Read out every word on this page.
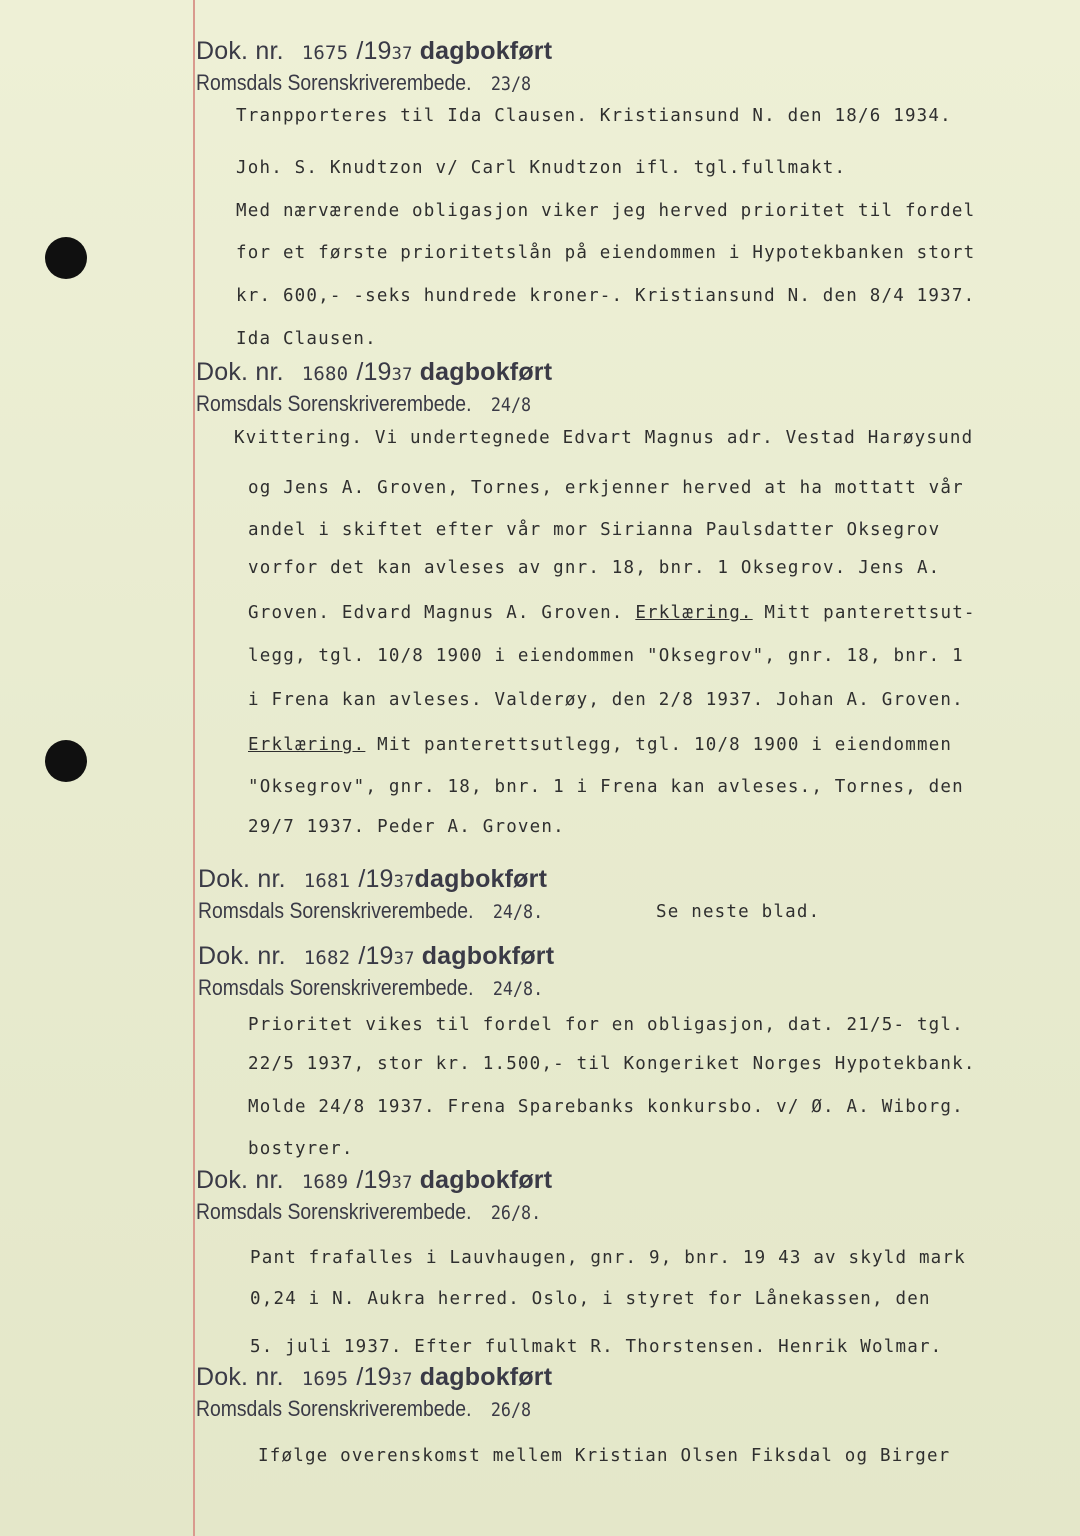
Dok. nr. 1675 /1937 dagbokført
Romsdals Sorenskriverembede. 23/8
Tranpporteres til Ida Clausen. Kristiansund N. den 18/6 1934.
Joh. S. Knudtzon v/ Carl Knudtzon ifl. tgl.fullmakt.
Med nærværende obligasjon viker jeg herved prioritet til fordel
for et første prioritetslån på eiendommen i Hypotekbanken stort
kr. 600,- -seks hundrede kroner-. Kristiansund N. den 8/4 1937.
Ida Clausen.
Dok. nr. 1680 /1937 dagbokført
Romsdals Sorenskriverembede. 24/8
Kvittering. Vi undertegnede Edvart Magnus adr. Vestad Harøysund
og Jens A. Groven, Tornes, erkjenner herved at ha mottatt vår
andel i skiftet efter vår mor Sirianna Paulsdatter Oksegrov
vorfor det kan avleses av gnr. 18, bnr. 1 Oksegrov. Jens A.
Groven. Edvard Magnus A. Groven. Erklæring. Mitt panterettsut-
legg, tgl. 10/8 1900 i eiendommen "Oksegrov", gnr. 18, bnr. 1
i Frena kan avleses. Valderøy, den 2/8 1937. Johan A. Groven.
Erklæring. Mit panterettsutlegg, tgl. 10/8 1900 i eiendommen
"Oksegrov", gnr. 18, bnr. 1 i Frena kan avleses., Tornes, den
29/7 1937. Peder A. Groven.
Dok. nr. 1681 /1937dagbokført
Romsdals Sorenskriverembede. 24/8.	Se neste blad.
Dok. nr. 1682 /1937 dagbokført
Romsdals Sorenskriverembede. 24/8.
Prioritet vikes til fordel for en obligasjon, dat. 21/5- tgl.
22/5 1937, stor kr. 1.500,- til Kongeriket Norges Hypotekbank.
Molde 24/8 1937. Frena Sparebanks konkursbo. v/ Ø. A. Wiborg.
bostyrer.
Dok. nr. 1689 /1937 dagbokført
Romsdals Sorenskriverembede. 26/8.
Pant frafalles i Lauvhaugen, gnr. 9, bnr. 19 43 av skyld mark
0,24 i N. Aukra herred. Oslo, i styret for Lånekassen, den
5. juli 1937. Efter fullmakt R. Thorstensen. Henrik Wolmar.
Dok. nr. 1695 /1937 dagbokført
Romsdals Sorenskriverembede. 26/8
Ifølge overenskomst mellem Kristian Olsen Fiksdal og Birger
